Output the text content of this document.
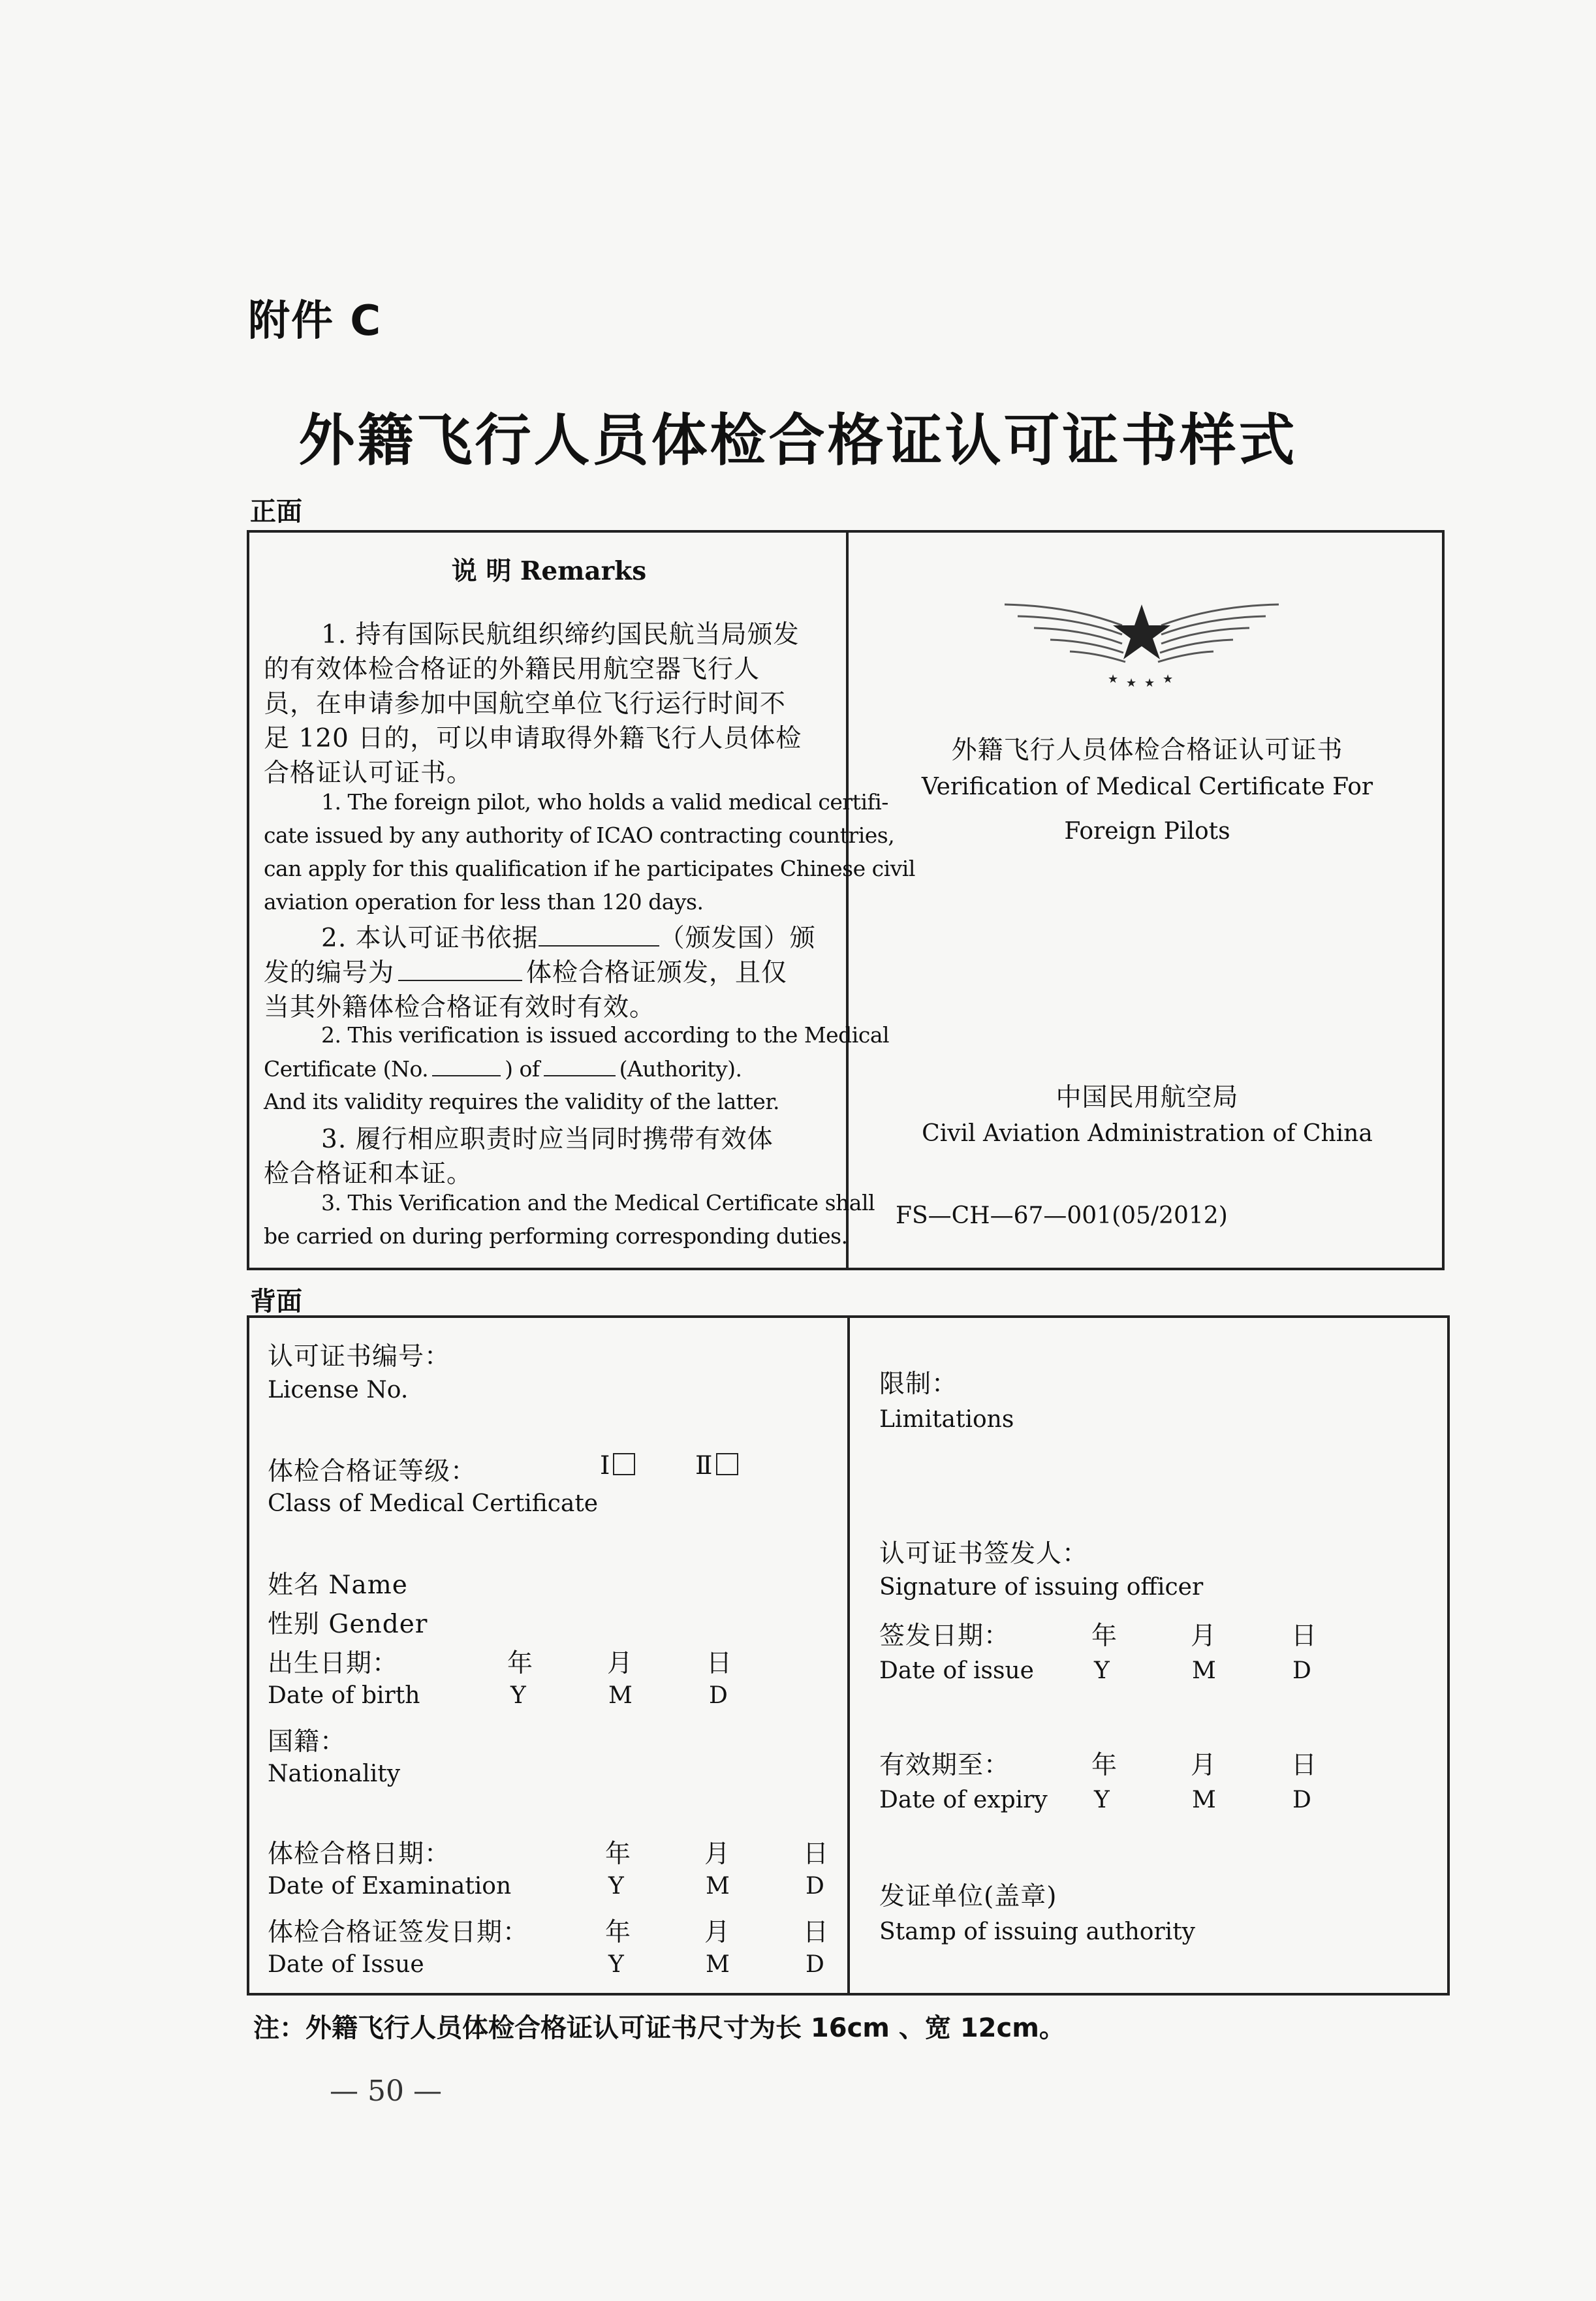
附件 C
外籍飞行人员体检合格证认可证书样式
正面
说 明 Remarks
1. 持有国际民航组织缔约国民航当局颁发
的有效体检合格证的外籍民用航空器飞行人
员，在申请参加中国航空单位飞行运行时间不
足 120 日的，可以申请取得外籍飞行人员体检
合格证认可证书。
1. The foreign pilot, who holds a valid medical certifi-
cate issued by any authority of ICAO contracting countries,
can apply for this qualification if he participates Chinese civil
aviation operation for less than 120 days.
2. 本认可证书依据	（颁发国）颁
发的编号为	体检合格证颁发，且仅
当其外籍体检合格证有效时有效。
2. This verification is issued according to the Medical
Certificate (No.	) of	(Authority).
And its validity requires the validity of the latter.
3. 履行相应职责时应当同时携带有效体
检合格证和本证。
3. This Verification and the Medical Certificate shall
be carried on during performing corresponding duties.
★ ★ ★ ★
外籍飞行人员体检合格证认可证书
Verification of Medical Certificate For
Foreign Pilots
中国民用航空局
Civil Aviation Administration of China
FS—CH—67—001(05/2012)
背面
认可证书编号：
License No.
体检合格证等级：	Ⅰ	Ⅱ
Class of Medical Certificate
姓名 Name
性别 Gender
出生日期：	年	月	日
Date of birth	Y	M	D
国籍：
Nationality
体检合格日期：	年	月	日
Date of Examination	Y	M	D
体检合格证签发日期：	年	月	日
Date of Issue	Y	M	D
限制：
Limitations
认可证书签发人：
Signature of issuing officer
签发日期：	年	月	日
Date of issue	Y	M	D
有效期至：	年	月	日
Date of expiry Y	M	D
发证单位(盖章)
Stamp of issuing authority
注：外籍飞行人员体检合格证认可证书尺寸为长 16cm 、宽 12cm。
— 50 —
